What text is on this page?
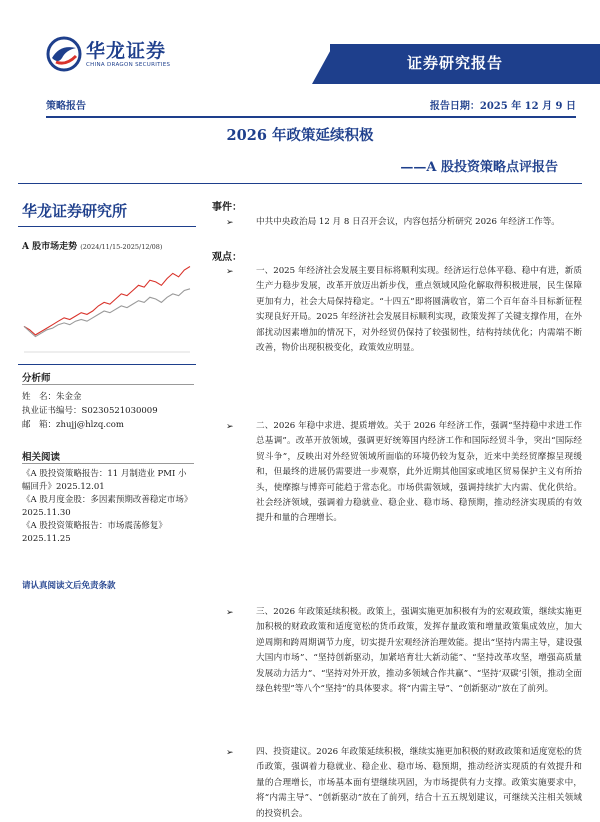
华龙证券
CHINA DRAGON SECURITIES	证券研究报告
策略报告	报告日期：2025 年 12 月 9 日
2026 年政策延续积极
——A 股投资策略点评报告
华龙证券研究所
A 股市场走势 (2024/11/15-2025/12/08)
分析师
姓　名：朱金金
执业证书编号：S0230521030009
邮　箱：zhujj@hlzq.com
相关阅读
《A 股投资策略报告：11 月制造业 PMI 小幅回升》2025.12.01
《A 股月度金股：多因素预期改善稳定市场》2025.11.30
《A 股投资策略报告：市场震荡修复》2025.11.25
请认真阅读文后免责条款
事件：
➢	中共中央政治局 12 月 8 日召开会议，内容包括分析研究 2026 年经济工作等。
观点：
➢	一、2025 年经济社会发展主要目标将顺利实现。经济运行总体平稳、稳中有进，新质生产力稳步发展，改革开放迈出新步伐，重点领域风险化解取得积极进展，民生保障更加有力，社会大局保持稳定。“十四五”即将圆满收官，第二个百年奋斗目标新征程实现良好开局。2025 年经济社会发展目标顺利实现，政策发挥了关键支撑作用，在外部扰动因素增加的情况下，对外经贸仍保持了较强韧性，结构持续优化；内需端不断改善，物价出现积极变化，政策效应明显。
➢	二、2026 年稳中求进、提质增效。关于 2026 年经济工作，强调“坚持稳中求进工作总基调”。改革开放领域，强调更好统筹国内经济工作和国际经贸斗争，突出“国际经贸斗争”，反映出对外经贸领域所面临的环境仍较为复杂，近来中美经贸摩擦呈现缓和，但最终的进展仍需要进一步观察，此外近期其他国家或地区贸易保护主义有所抬头，使摩擦与博弈可能趋于常态化。市场供需领域，强调持续扩大内需、优化供给。社会经济领域，强调着力稳就业、稳企业、稳市场、稳预期，推动经济实现质的有效提升和量的合理增长。
➢	三、2026 年政策延续积极。政策上，强调实施更加积极有为的宏观政策，继续实施更加积极的财政政策和适度宽松的货币政策，发挥存量政策和增量政策集成效应，加大逆周期和跨周期调节力度，切实提升宏观经济治理效能。提出“坚持内需主导，建设强大国内市场”、“坚持创新驱动，加紧培育壮大新动能”、“坚持改革攻坚，增强高质量发展动力活力”、“坚持对外开放，推动多领域合作共赢”、“坚持‘双碳’引领，推动全面绿色转型”等八个“坚持”的具体要求。将“内需主导”、“创新驱动”放在了前列。
➢	四、投资建议。2026 年政策延续积极，继续实施更加积极的财政政策和适度宽松的货币政策，强调着力稳就业、稳企业、稳市场、稳预期，推动经济实现质的有效提升和量的合理增长，市场基本面有望继续巩固，为市场提供有力支撑。政策实施要求中，将“内需主导”、“创新驱动”放在了前列，结合十五五规划建议，可继续关注相关领域的投资机会。
